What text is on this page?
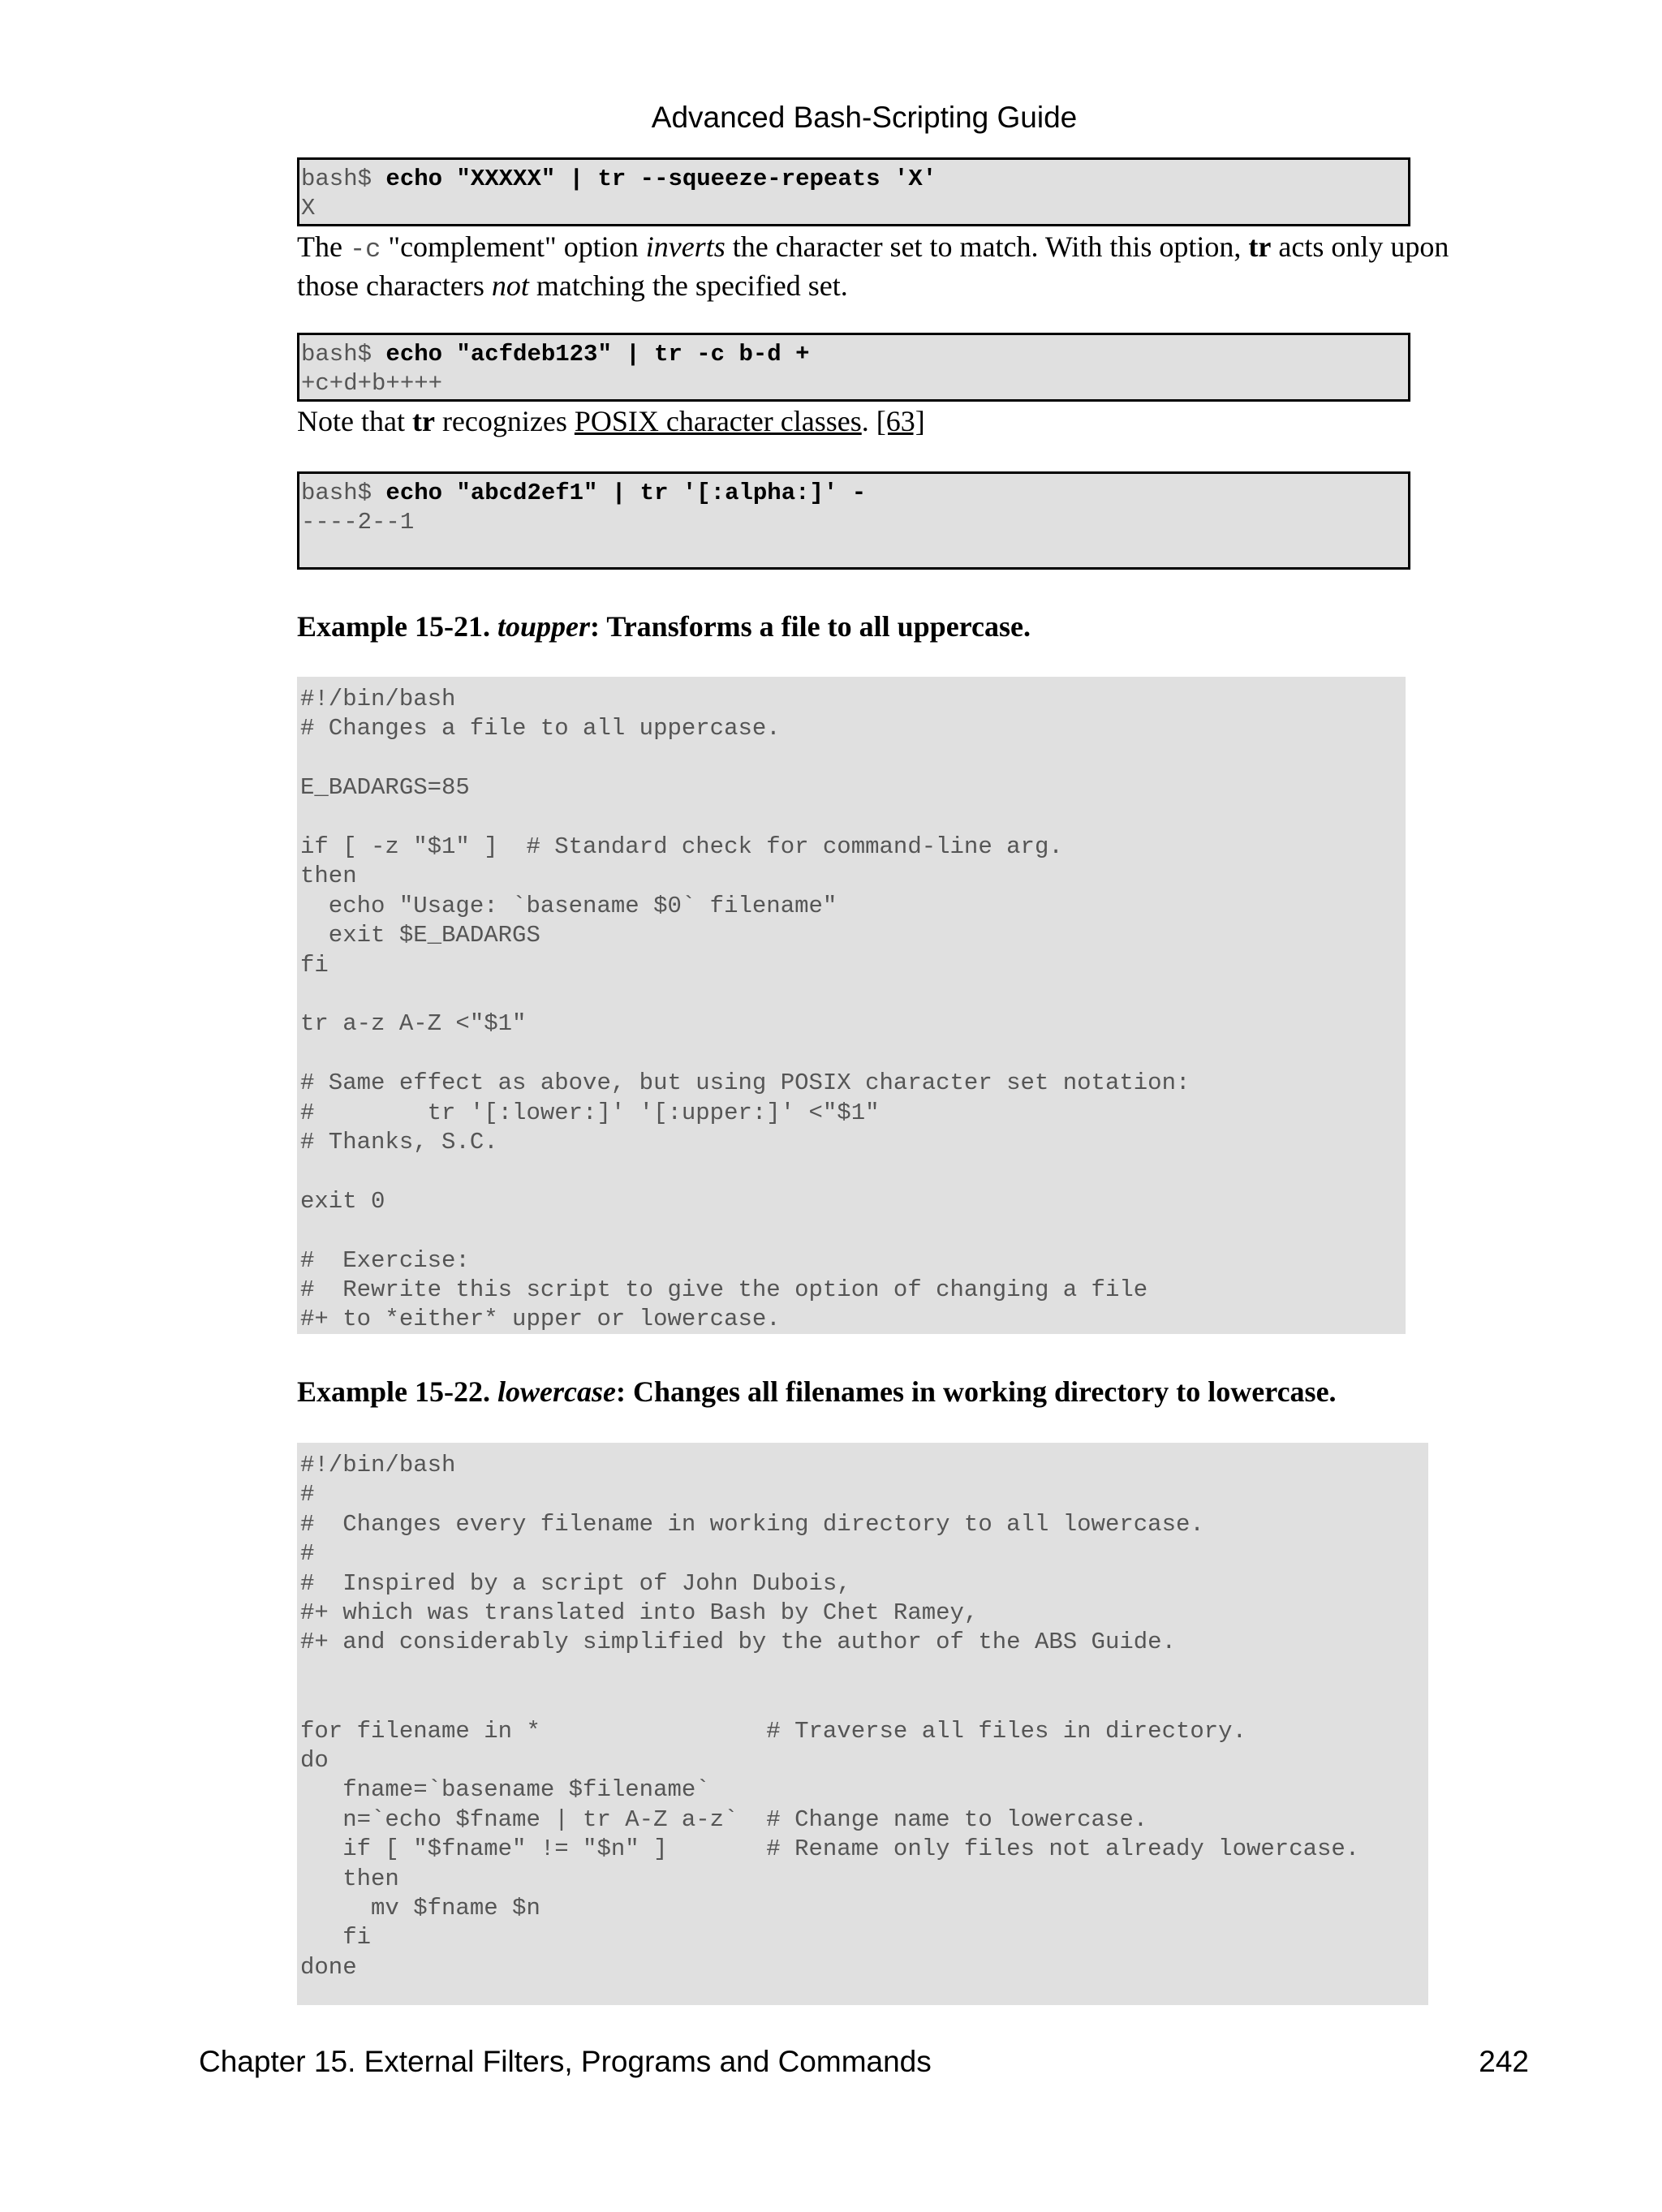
Advanced Bash-Scripting Guide
bash$ echo "XXXXX" | tr --squeeze-repeats 'X'
X
The -c "complement" option inverts the character set to match. With this option, tr acts only upon those characters not matching the specified set.
bash$ echo "acfdeb123" | tr -c b-d +
+c+d+b++++
Note that tr recognizes POSIX character classes. [63]
bash$ echo "abcd2ef1" | tr '[:alpha:]' -
----2--1
Example 15-21. toupper: Transforms a file to all uppercase.
#!/bin/bash
# Changes a file to all uppercase.
E_BADARGS=85
if [ -z "$1" ]  # Standard check for command-line arg.
then
echo "Usage: `basename $0` filename"
exit $E_BADARGS
fi
tr a-z A-Z <"$1"
# Same effect as above, but using POSIX character set notation:
#        tr '[:lower:]' '[:upper:]' <"$1"
# Thanks, S.C.
exit 0
#  Exercise:
#  Rewrite this script to give the option of changing a file
#+ to *either* upper or lowercase.
Example 15-22. lowercase: Changes all filenames in working directory to lowercase.
#!/bin/bash
#
#  Changes every filename in working directory to all lowercase.
#
#  Inspired by a script of John Dubois,
#+ which was translated into Bash by Chet Ramey,
#+ and considerably simplified by the author of the ABS Guide.
for filename in *                # Traverse all files in directory.
do
fname=`basename $filename`
n=`echo $fname | tr A-Z a-z`  # Change name to lowercase.
if [ "$fname" != "$n" ]       # Rename only files not already lowercase.
then
mv $fname $n
fi
done
Chapter 15. External Filters, Programs and Commands	242
